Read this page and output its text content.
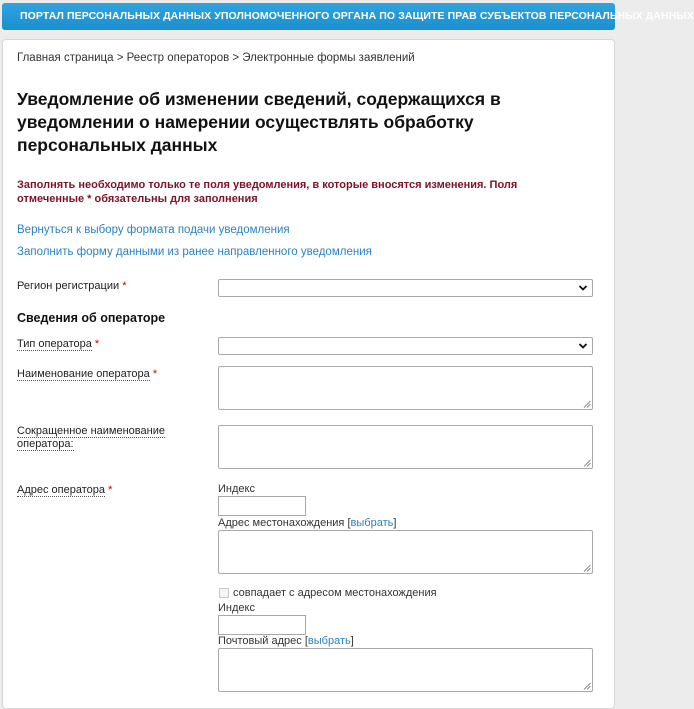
ПОРТАЛ ПЕРСОНАЛЬНЫХ ДАННЫХ УПОЛНОМОЧЕННОГО ОРГАНА ПО ЗАЩИТЕ ПРАВ СУБЪЕКТОВ ПЕРСОНАЛЬНЫХ ДАННЫХ
Главная страница > Реестр операторов > Электронные формы заявлений
Уведомление об изменении сведений, содержащихся в уведомлении о намерении осуществлять обработку персональных данных
Заполнять необходимо только те поля уведомления, в которые вносятся изменения. Поля отмеченные * обязательны для заполнения
Вернуться к выбору формата подачи уведомления
Заполнить форму данными из ранее направленного уведомления
Регион регистрации *
Сведения об операторе
Тип оператора *
Наименование оператора *
Сокращенное наименование оператора:
Адрес оператора *	Индекс
Адрес местонахождения [выбрать]
совпадает с адресом местонахождения
Индекс
Почтовый адрес [выбрать]
